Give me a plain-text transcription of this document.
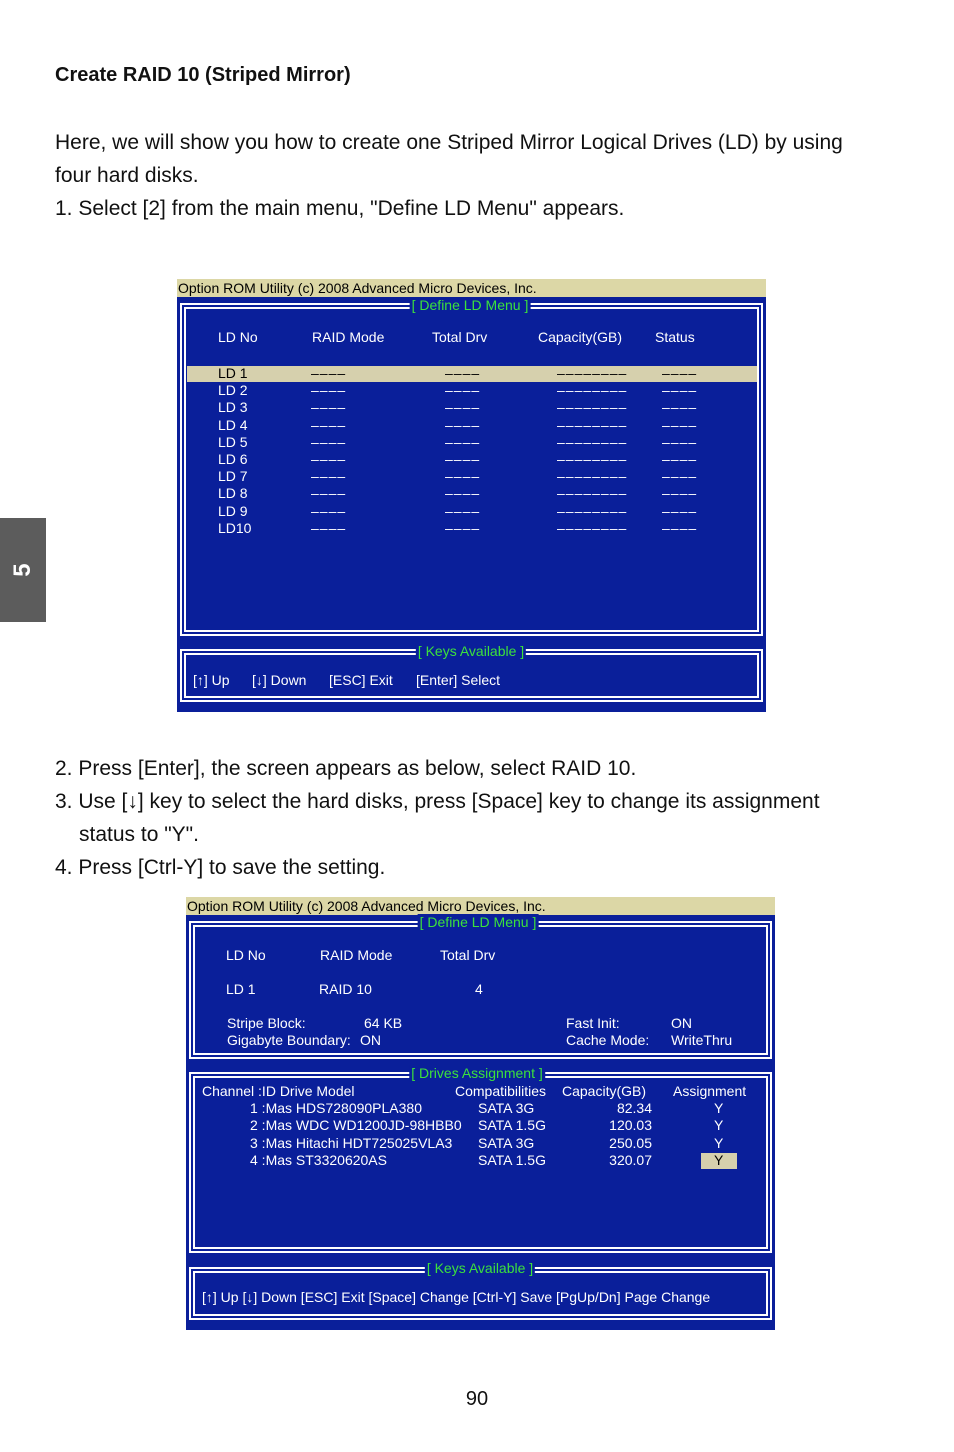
Create RAID 10 (Striped Mirror)
Here, we will show you how to create one Striped Mirror Logical Drives (LD) by using
four hard disks.
1. Select [2] from the main menu, "Define LD Menu" appears.
5
Option ROM Utility (c) 2008 Advanced Micro Devices, Inc.
[ Define LD Menu ]
LD No	RAID Mode	Total Drv	Capacity(GB) Status
LD 1	––––	––––	–––––––– ––––
LD 2	––––	––––	–––––––– ––––
LD 3	––––	––––	–––––––– ––––
LD 4	––––	––––	–––––––– ––––
LD 5	––––	––––	–––––––– ––––
LD 6	––––	––––	–––––––– ––––
LD 7	––––	––––	–––––––– ––––
LD 8	––––	––––	–––––––– ––––
LD 9	––––	––––	–––––––– ––––
LD10	––––	––––	–––––––– ––––
[ Keys Available ]
[↑] Up [↓] Down [ESC] Exit [Enter] Select
2. Press [Enter], the screen appears as below, select RAID 10.
3. Use [↓] key to select the hard disks, press [Space] key to change its assignment
status to "Y".
4. Press [Ctrl-Y] to save the setting.
Option ROM Utility (c) 2008 Advanced Micro Devices, Inc.
[ Define LD Menu ]
LD No	RAID Mode	Total Drv
LD 1	RAID 10	4
Stripe Block:	64 KB
Gigabyte Boundary: ON
Fast Init:	ON
Cache Mode: WriteThru
[ Drives Assignment ]
Channel :ID Drive Model	Compatibilities Capacity(GB) Assignment
1 :Mas HDS728090PLA380	SATA 3G	82.34	Y
2 :Mas WDC WD1200JD-98HBB0 SATA 1.5G	120.03	Y
3 :Mas Hitachi HDT725025VLA3 SATA 3G	250.05	Y
4 :Mas ST3320620AS	SATA 1.5G	320.07	Y
[ Keys Available ]
[↑] Up [↓] Down [ESC] Exit [Space] Change [Ctrl-Y] Save [PgUp/Dn] Page Change
90
